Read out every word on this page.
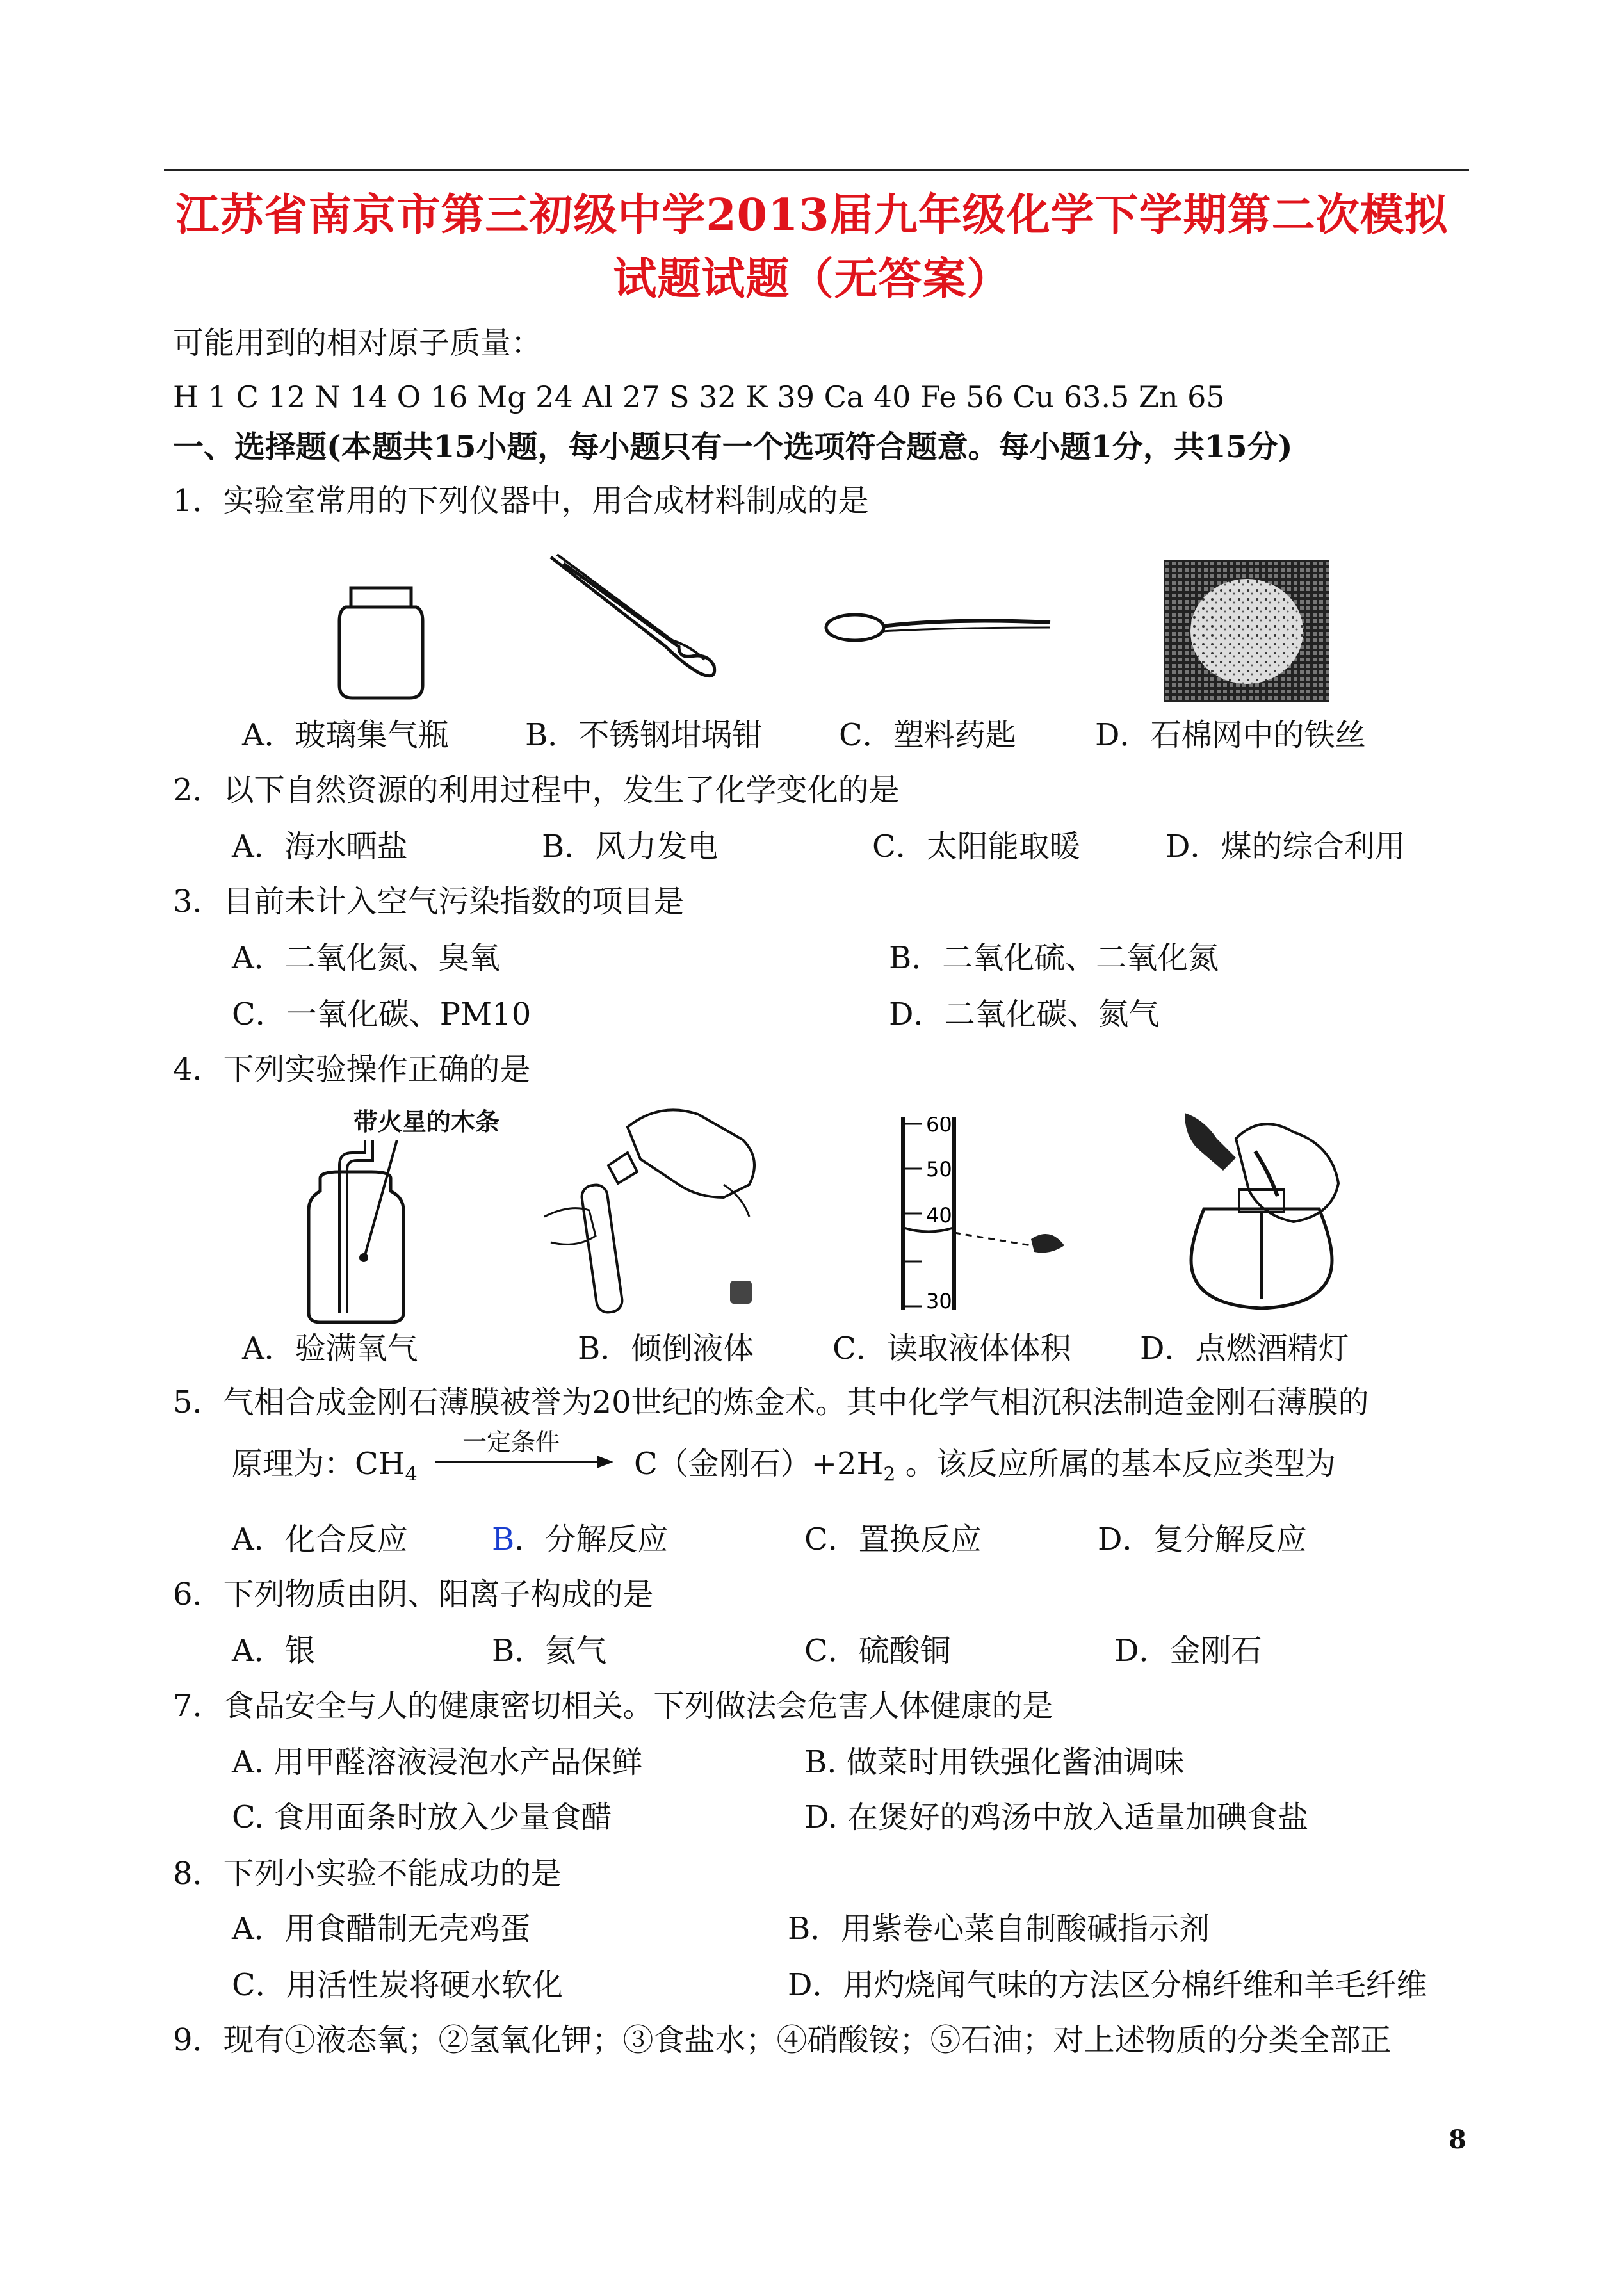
江苏省南京市第三初级中学2013届九年级化学下学期第二次模拟
试题试题（无答案）
可能用到的相对原子质量：
H 1 C 12 N 14 O 16 Mg 24 Al 27 S 32 K 39 Ca 40 Fe 56 Cu 63.5 Zn 65
一、选择题(本题共15小题，每小题只有一个选项符合题意。每小题1分，共15分)
1．实验室常用的下列仪器中，用合成材料制成的是
A．玻璃集气瓶 B．不锈钢坩埚钳 C．塑料药匙	D．石棉网中的铁丝
2．以下自然资源的利用过程中，发生了化学变化的是
A．海水晒盐	B．风力发电	C．太阳能取暖	D．煤的综合利用
3．目前未计入空气污染指数的项目是
A．二氧化氮、臭氧	B．二氧化硫、二氧化氮
C．一氧化碳、PM10	D．二氧化碳、氮气
4．下列实验操作正确的是
带火星的木条	60
50
40
30
A．验满氧气	B．倾倒液体	C．读取液体体积 D．点燃酒精灯
5．气相合成金刚石薄膜被誉为20世纪的炼金术。其中化学气相沉积法制造金刚石薄膜的
原理为：$CH_4$
一定条件
C（金刚石）$+2H_2$ 。该反应所属的基本反应类型为
A．化合反应	B．分解反应	C．置换反应	D．复分解反应
6．下列物质由阴、阳离子构成的是
A．银	B．氦气	C．硫酸铜	D．金刚石
7．食品安全与人的健康密切相关。下列做法会危害人体健康的是
A. 用甲醛溶液浸泡水产品保鲜	B. 做菜时用铁强化酱油调味
C. 食用面条时放入少量食醋	D. 在煲好的鸡汤中放入适量加碘食盐
8．下列小实验不能成功的是
A．用食醋制无壳鸡蛋	B．用紫卷心菜自制酸碱指示剂
C．用活性炭将硬水软化	D．用灼烧闻气味的方法区分棉纤维和羊毛纤维
9．现有①液态氧；②氢氧化钾；③食盐水；④硝酸铵；⑤石油；对上述物质的分类全部正
8
